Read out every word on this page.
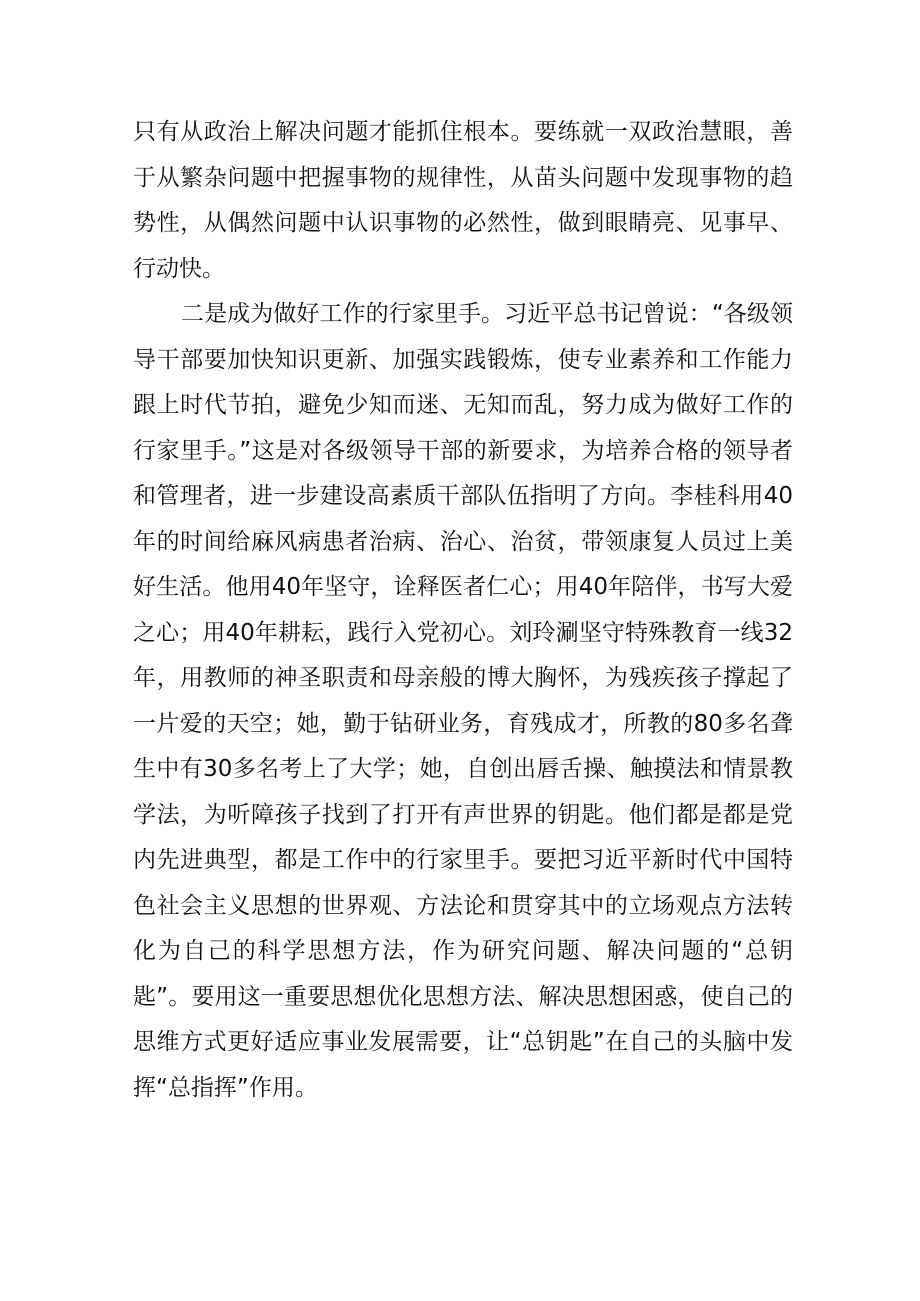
只有从政治上解决问题才能抓住根本。要练就一双政治慧眼，善于从繁杂问题中把握事物的规律性，从苗头问题中发现事物的趋势性，从偶然问题中认识事物的必然性，做到眼睛亮、见事早、行动快。

二是成为做好工作的行家里手。习近平总书记曾说：“各级领导干部要加快知识更新、加强实践锻炼，使专业素养和工作能力跟上时代节拍，避免少知而迷、无知而乱，努力成为做好工作的行家里手。”这是对各级领导干部的新要求，为培养合格的领导者和管理者，进一步建设高素质干部队伍指明了方向。李桂科用40年的时间给麻风病患者治病、治心、治贫，带领康复人员过上美好生活。他用40年坚守，诠释医者仁心；用40年陪伴，书写大爱之心；用40年耕耘，践行入党初心。刘玲涮坚守特殊教育一线32年，用教师的神圣职责和母亲般的博大胸怀，为残疾孩子撑起了一片爱的天空；她，勤于钻研业务，育残成才，所教的80多名聋生中有30多名考上了大学；她，自创出唇舌操、触摸法和情景教学法，为听障孩子找到了打开有声世界的钥匙。他们都是都是党内先进典型，都是工作中的行家里手。要把习近平新时代中国特色社会主义思想的世界观、方法论和贯穿其中的立场观点方法转化为自己的科学思想方法，作为研究问题、解决问题的“总钥匙”。要用这一重要思想优化思想方法、解决思想困惑，使自己的思维方式更好适应事业发展需要，让“总钥匙”在自己的头脑中发挥“总指挥”作用。
